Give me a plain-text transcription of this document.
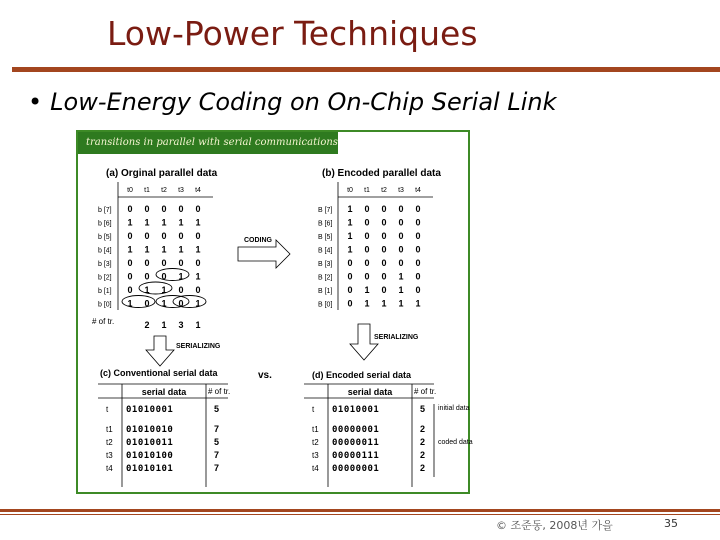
Low-Power Techniques
• Low-Energy Coding on On-Chip Serial Link
(a) Orginal parallel data	(b) Encoded parallel data
t0 t1 t2 t3 t4
b [7] 0 0 0 0 0
b [6] 1 1 1 1 1
b [5] 0 0 0 0 0
b [4] 1 1 1 1 1
b [3] 0 0 0 0 0
b [2] 0 0 0 1 1
b [1] 0 1 1 0 0
b [0] 1 0 1 0 1
t0 t1 t2 t3 t4
B [7] 1 0 0 0 0
B [6] 1 0 0 0 0
B [5] 1 0 0 0 0
B [4] 1 0 0 0 0
B [3] 0 0 0 0 0
B [2] 0 0 0 1 0
B [1] 0 1 0 1 0
B [0] 0 1 1 1 1
# of tr.	2 1 3 1
CODING
SERIALIZING
SERIALIZING
(c) Conventional serial data	(d) Encoded serial data
vs.
serial data	# of tr.
t 01010001	5
t1 01010010	7
t2 01010011	5
t3 01010100	7
t4 01010101	7
serial data	# of tr.
t 01010001	5
t1 00000001	2
t2 00000011	2
t3 00000111	2
t4 00000001	2
initial data
coded data
transitions in parallel with serial communications
© 조준동, 2008년 가을	35
